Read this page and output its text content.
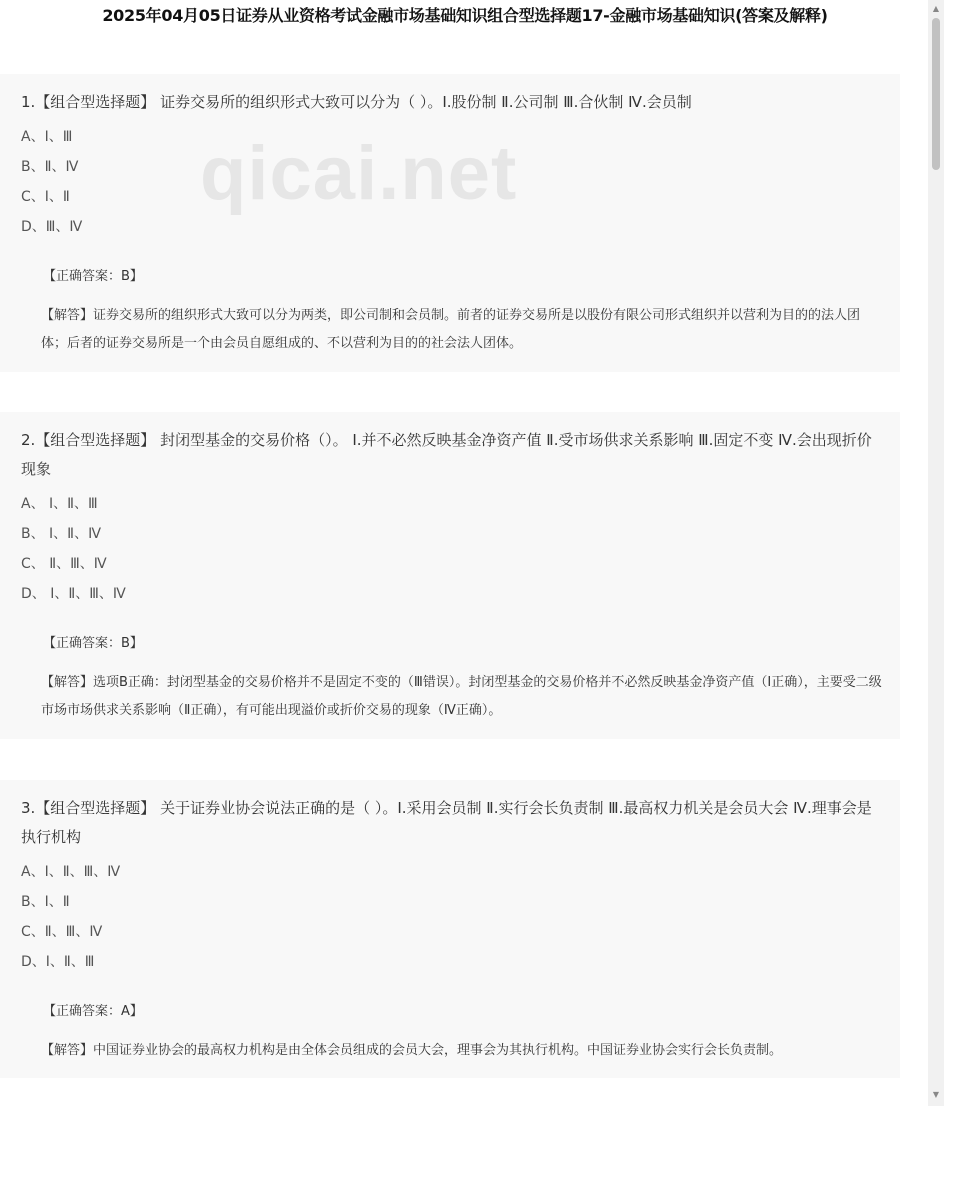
2025年04月05日证券从业资格考试金融市场基础知识组合型选择题17-金融市场基础知识(答案及解释)
qicai.net

1.【组合型选择题】 证券交易所的组织形式大致可以分为（ ）。Ⅰ.股份制 Ⅱ.公司制 Ⅲ.合伙制 Ⅳ.会员制

A、Ⅰ、Ⅲ
B、Ⅱ、Ⅳ
C、Ⅰ、Ⅱ
D、Ⅲ、Ⅳ
【正确答案：B】
【解答】证券交易所的组织形式大致可以分为两类，即公司制和会员制。前者的证券交易所是以股份有限公司形式组织并以营利为目的的法人团体；后者的证券交易所是一个由会员自愿组成的、不以营利为目的的社会法人团体。

2.【组合型选择题】 封闭型基金的交易价格（）。 Ⅰ.并不必然反映基金净资产值 Ⅱ.受市场供求关系影响 Ⅲ.固定不变 Ⅳ.会出现折价现象

A、 Ⅰ、Ⅱ、Ⅲ
B、 Ⅰ、Ⅱ、Ⅳ
C、 Ⅱ、Ⅲ、Ⅳ
D、 Ⅰ、Ⅱ、Ⅲ、Ⅳ
【正确答案：B】
【解答】选项B正确：封闭型基金的交易价格并不是固定不变的（Ⅲ错误）。封闭型基金的交易价格并不必然反映基金净资产值（Ⅰ正确），主要受二级市场市场供求关系影响（Ⅱ正确），有可能出现溢价或折价交易的现象（Ⅳ正确）。

3.【组合型选择题】 关于证券业协会说法正确的是（ ）。Ⅰ.采用会员制 Ⅱ.实行会长负责制 Ⅲ.最高权力机关是会员大会 Ⅳ.理事会是执行机构

A、Ⅰ、Ⅱ、Ⅲ、Ⅳ
B、Ⅰ、Ⅱ
C、Ⅱ、Ⅲ、Ⅳ
D、Ⅰ、Ⅱ、Ⅲ
【正确答案：A】
【解答】中国证券业协会的最高权力机构是由全体会员组成的会员大会，理事会为其执行机构。中国证券业协会实行会长负责制。
▲
▼
